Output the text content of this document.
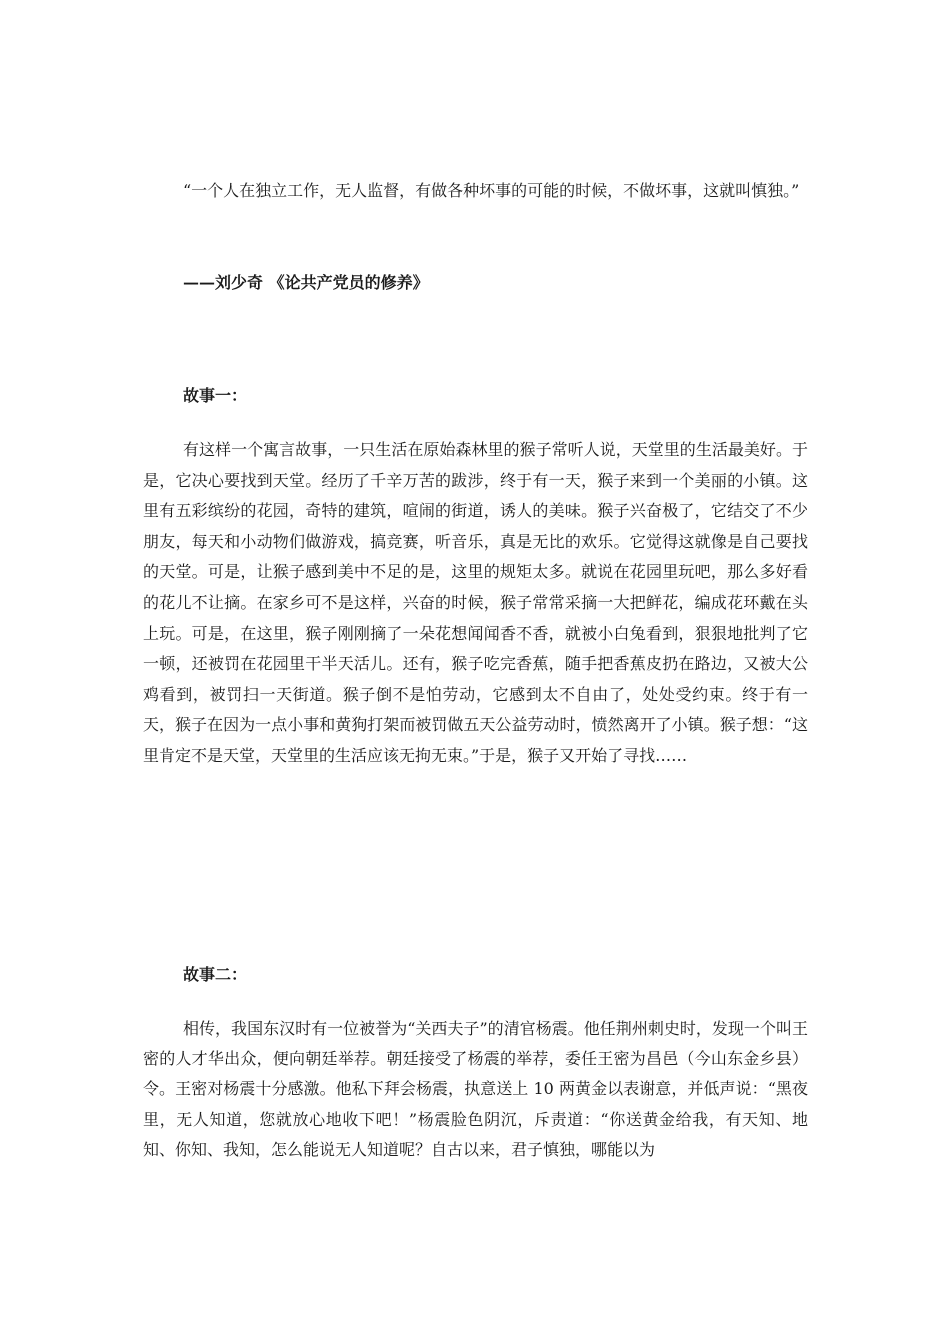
“一个人在独立工作，无人监督，有做各种坏事的可能的时候，不做坏事，这就叫慎独。”

——刘少奇 《论共产党员的修养》

故事一：

有这样一个寓言故事，一只生活在原始森林里的猴子常听人说，天堂里的生活最美好。于是，它决心要找到天堂。经历了千辛万苦的跋涉，终于有一天，猴子来到一个美丽的小镇。这里有五彩缤纷的花园，奇特的建筑，喧闹的街道，诱人的美味。猴子兴奋极了，它结交了不少朋友，每天和小动物们做游戏，搞竞赛，听音乐，真是无比的欢乐。它觉得这就像是自己要找的天堂。可是，让猴子感到美中不足的是，这里的规矩太多。就说在花园里玩吧，那么多好看的花儿不让摘。在家乡可不是这样，兴奋的时候，猴子常常采摘一大把鲜花，编成花环戴在头上玩。可是，在这里，猴子刚刚摘了一朵花想闻闻香不香，就被小白兔看到，狠狠地批判了它一顿，还被罚在花园里干半天活儿。还有，猴子吃完香蕉，随手把香蕉皮扔在路边，又被大公鸡看到，被罚扫一天街道。猴子倒不是怕劳动，它感到太不自由了，处处受约束。终于有一天，猴子在因为一点小事和黄狗打架而被罚做五天公益劳动时，愤然离开了小镇。猴子想：“这里肯定不是天堂，天堂里的生活应该无拘无束。”于是，猴子又开始了寻找……

故事二：

相传，我国东汉时有一位被誉为“关西夫子”的清官杨震。他任荆州刺史时，发现一个叫王密的人才华出众，便向朝廷举荐。朝廷接受了杨震的举荐，委任王密为昌邑（今山东金乡县）令。王密对杨震十分感激。他私下拜会杨震，执意送上 10 两黄金以表谢意，并低声说：“黑夜里，无人知道，您就放心地收下吧！”杨震脸色阴沉，斥责道：“你送黄金给我，有天知、地知、你知、我知，怎么能说无人知道呢？自古以来，君子慎独，哪能以为
